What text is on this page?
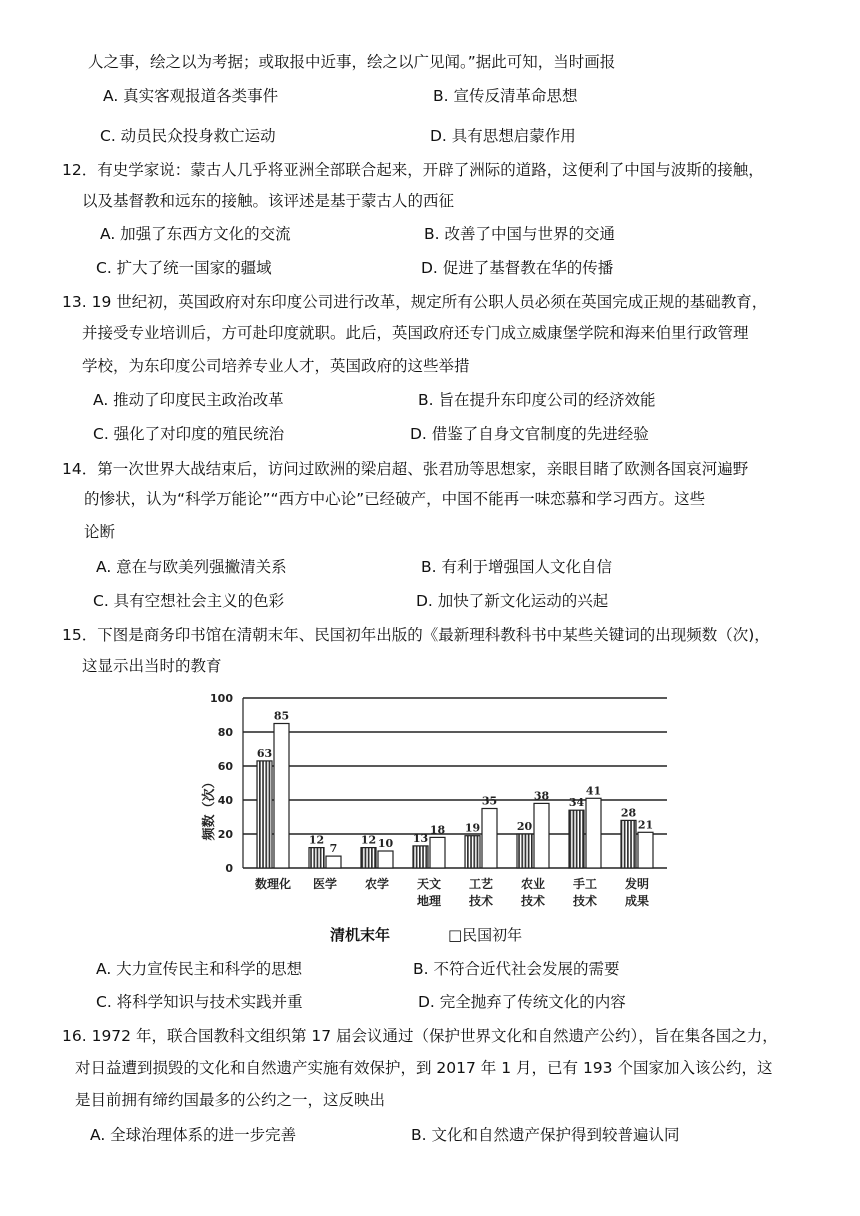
人之事，绘之以为考据；或取报中近事，绘之以广见闻。”据此可知，当时画报
A. 真实客观报道各类事件	B. 宣传反清革命思想
C. 动员民众投身救亡运动	D. 具有思想启蒙作用
12．有史学家说：蒙古人几乎将亚洲全部联合起来，开辟了洲际的道路，这便利了中国与波斯的接触，
以及基督教和远东的接触。该评述是基于蒙古人的西征
A. 加强了东西方文化的交流	B. 改善了中国与世界的交通
C. 扩大了统一国家的疆域	D. 促进了基督教在华的传播
13. 19 世纪初，英国政府对东印度公司进行改革，规定所有公职人员必须在英国完成正规的基础教育，
并接受专业培训后，方可赴印度就职。此后，英国政府还专门成立威康堡学院和海来伯里行政管理
学校，为东印度公司培养专业人才，英国政府的这些举措
A. 推动了印度民主政治改革	B. 旨在提升东印度公司的经济效能
C. 强化了对印度的殖民统治	D. 借鉴了自身文官制度的先进经验
14．第一次世界大战结束后，访问过欧洲的梁启超、张君劢等思想家，亲眼目睹了欧测各国哀河遍野
的惨状，认为“科学万能论”“西方中心论”已经破产，中国不能再一味恋慕和学习西方。这些
论断
A. 意在与欧美列强撇清关系	B. 有利于增强国人文化自信
C. 具有空想社会主义的色彩	D. 加快了新文化运动的兴起
15．下图是商务印书馆在清朝末年、民国初年出版的《最新理科教科书中某些关键词的出现频数（次)，
这显示出当时的教育
频数（次）
0
20
40
60
80
100
63
85
12
7
12 10 13
18 19
35
20
38
34
41
28
21
数理化 医学 农学 天文
地理
工艺
技术
农业
技术
手工
技术
发明
成果
清机末年	□民国初年
A. 大力宣传民主和科学的思想	B. 不符合近代社会发展的需要
C. 将科学知识与技术实践并重	D. 完全抛弃了传统文化的内容
16. 1972 年，联合国教科文组织第 17 届会议通过（保护世界文化和自然遗产公约），旨在集各国之力，
对日益遭到损毁的文化和自然遗产实施有效保护，到 2017 年 1 月，已有 193 个国家加入该公约，这
是目前拥有缔约国最多的公约之一，这反映出
A. 全球治理体系的进一步完善	B. 文化和自然遗产保护得到较普遍认同
